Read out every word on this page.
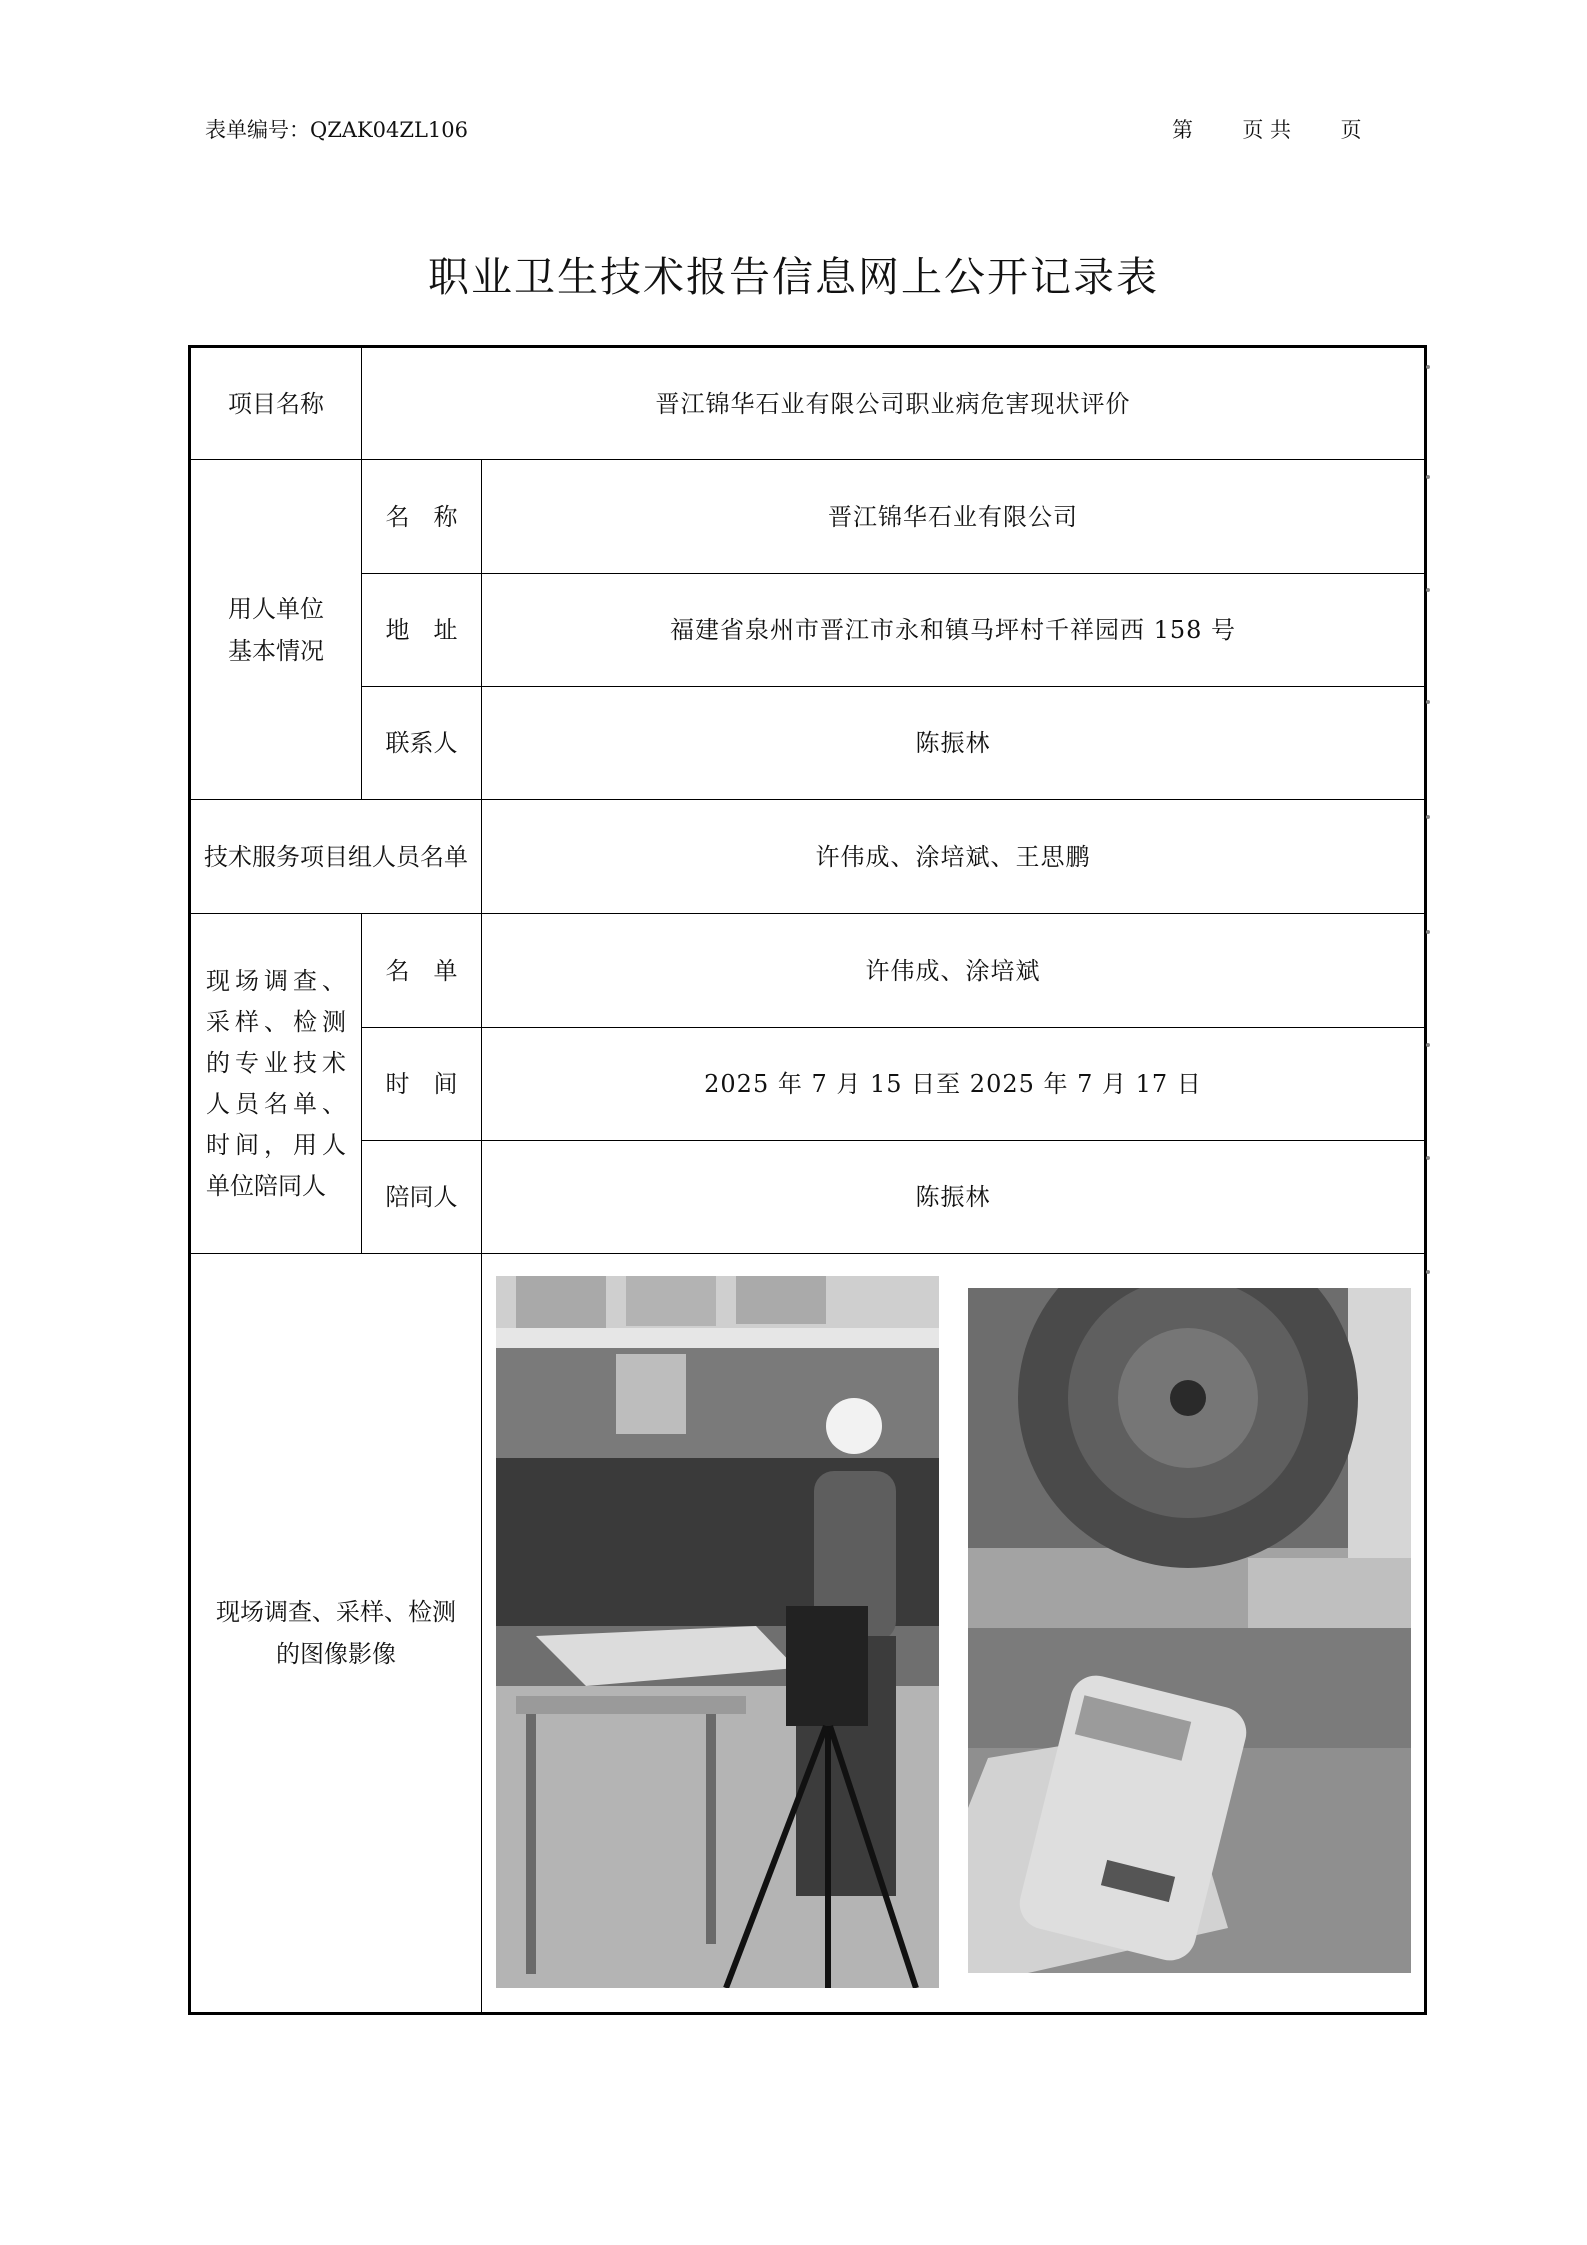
表单编号：QZAK04ZL106	第 页 共 页
职业卫生技术报告信息网上公开记录表
项目名称	晋江锦华石业有限公司职业病危害现状评价	

用人单位基本情况	名　称	晋江锦华石业有限公司
	地　址	福建省泉州市晋江市永和镇马坪村千祥园西 158 号
	联系人	陈振林

技术服务项目组人员名单		许伟成、涂培斌、王思鹏

现场调查、采样、检测的专业技术人员名单、时间，用人单位陪同人	名　单	许伟成、涂培斌
	时　间	2025 年 7 月 15 日至 2025 年 7 月 17 日
	陪同人	陈振林

现场调查、采样、检测的图像影像
